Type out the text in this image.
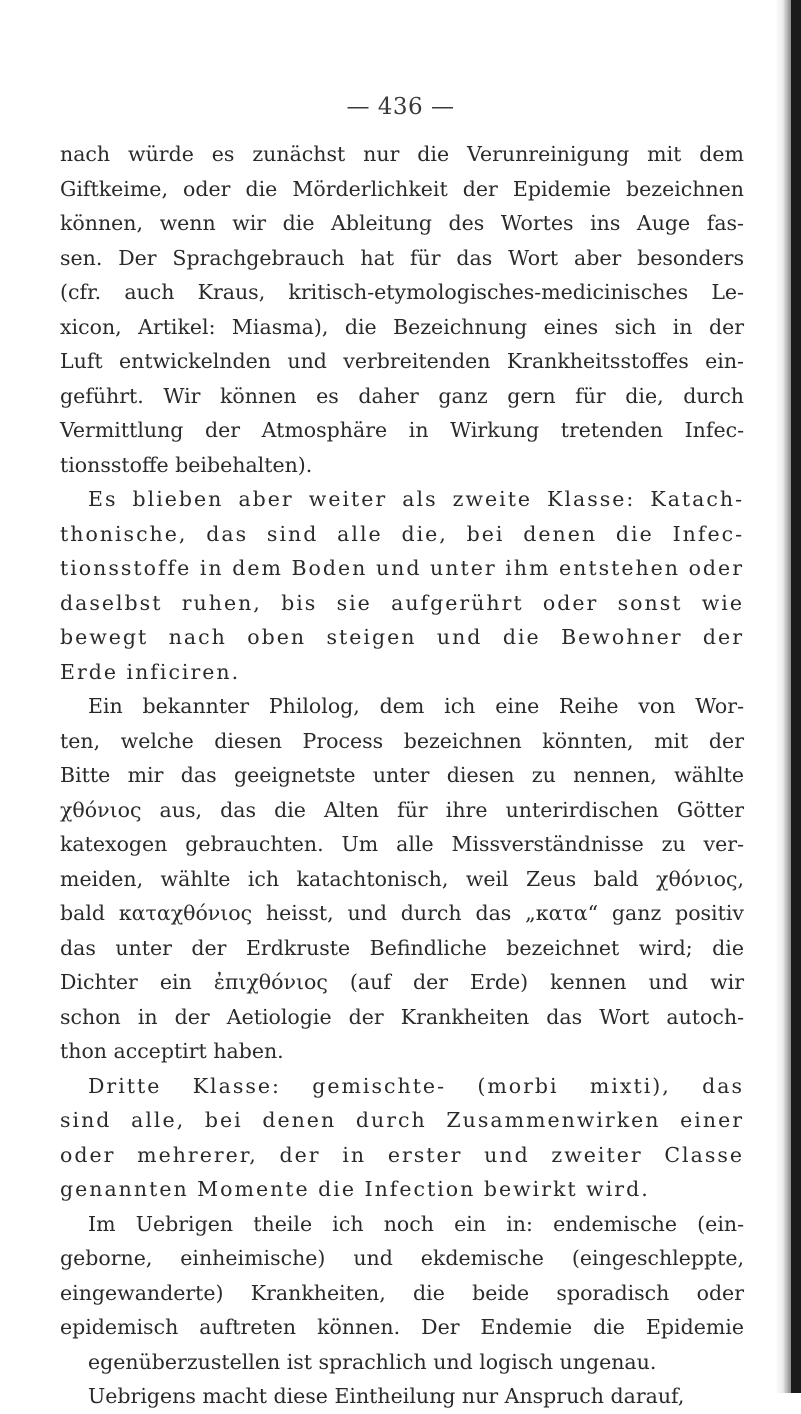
— 436 —
nach würde es zunächst nur die Verunreinigung mit dem
Giftkeime, oder die Mörderlichkeit der Epidemie bezeichnen
können, wenn wir die Ableitung des Wortes ins Auge fas-
sen. Der Sprachgebrauch hat für das Wort aber besonders
(cfr. auch Kraus, kritisch-etymologisches-medicinisches Le-
xicon, Artikel: Miasma), die Bezeichnung eines sich in der
Luft entwickelnden und verbreitenden Krankheitsstoffes ein-
geführt. Wir können es daher ganz gern für die, durch
Vermittlung der Atmosphäre in Wirkung tretenden Infec-
tionsstoffe beibehalten).
Es blieben aber weiter als zweite Klasse: Katach-
thonische, das sind alle die, bei denen die Infec-
tionsstoffe in dem Boden und unter ihm entstehen oder
daselbst ruhen, bis sie aufgerührt oder sonst wie
bewegt nach oben steigen und die Bewohner der
Erde inficiren.
Ein bekannter Philolog, dem ich eine Reihe von Wor-
ten, welche diesen Process bezeichnen könnten, mit der
Bitte mir das geeignetste unter diesen zu nennen, wählte
χθόνιος aus, das die Alten für ihre unterirdischen Götter
katexogen gebrauchten. Um alle Missverständnisse zu ver-
meiden, wählte ich katachtonisch, weil Zeus bald χθόνιος,
bald καταχθόνιος heisst, und durch das „κατα“ ganz positiv
das unter der Erdkruste Befindliche bezeichnet wird; die
Dichter ein ἐπιχθόνιος (auf der Erde) kennen und wir
schon in der Aetiologie der Krankheiten das Wort autoch-
thon acceptirt haben.
Dritte Klasse: gemischte- (morbi mixti), das
sind alle, bei denen durch Zusammenwirken einer
oder mehrerer, der in erster und zweiter Classe
genannten Momente die Infection bewirkt wird.
Im Uebrigen theile ich noch ein in: endemische (ein-
geborne, einheimische) und ekdemische (eingeschleppte,
eingewanderte) Krankheiten, die beide sporadisch oder
epidemisch auftreten können. Der Endemie die Epidemie
egenüberzustellen ist sprachlich und logisch ungenau.
Uebrigens macht diese Eintheilung nur Anspruch darauf,
